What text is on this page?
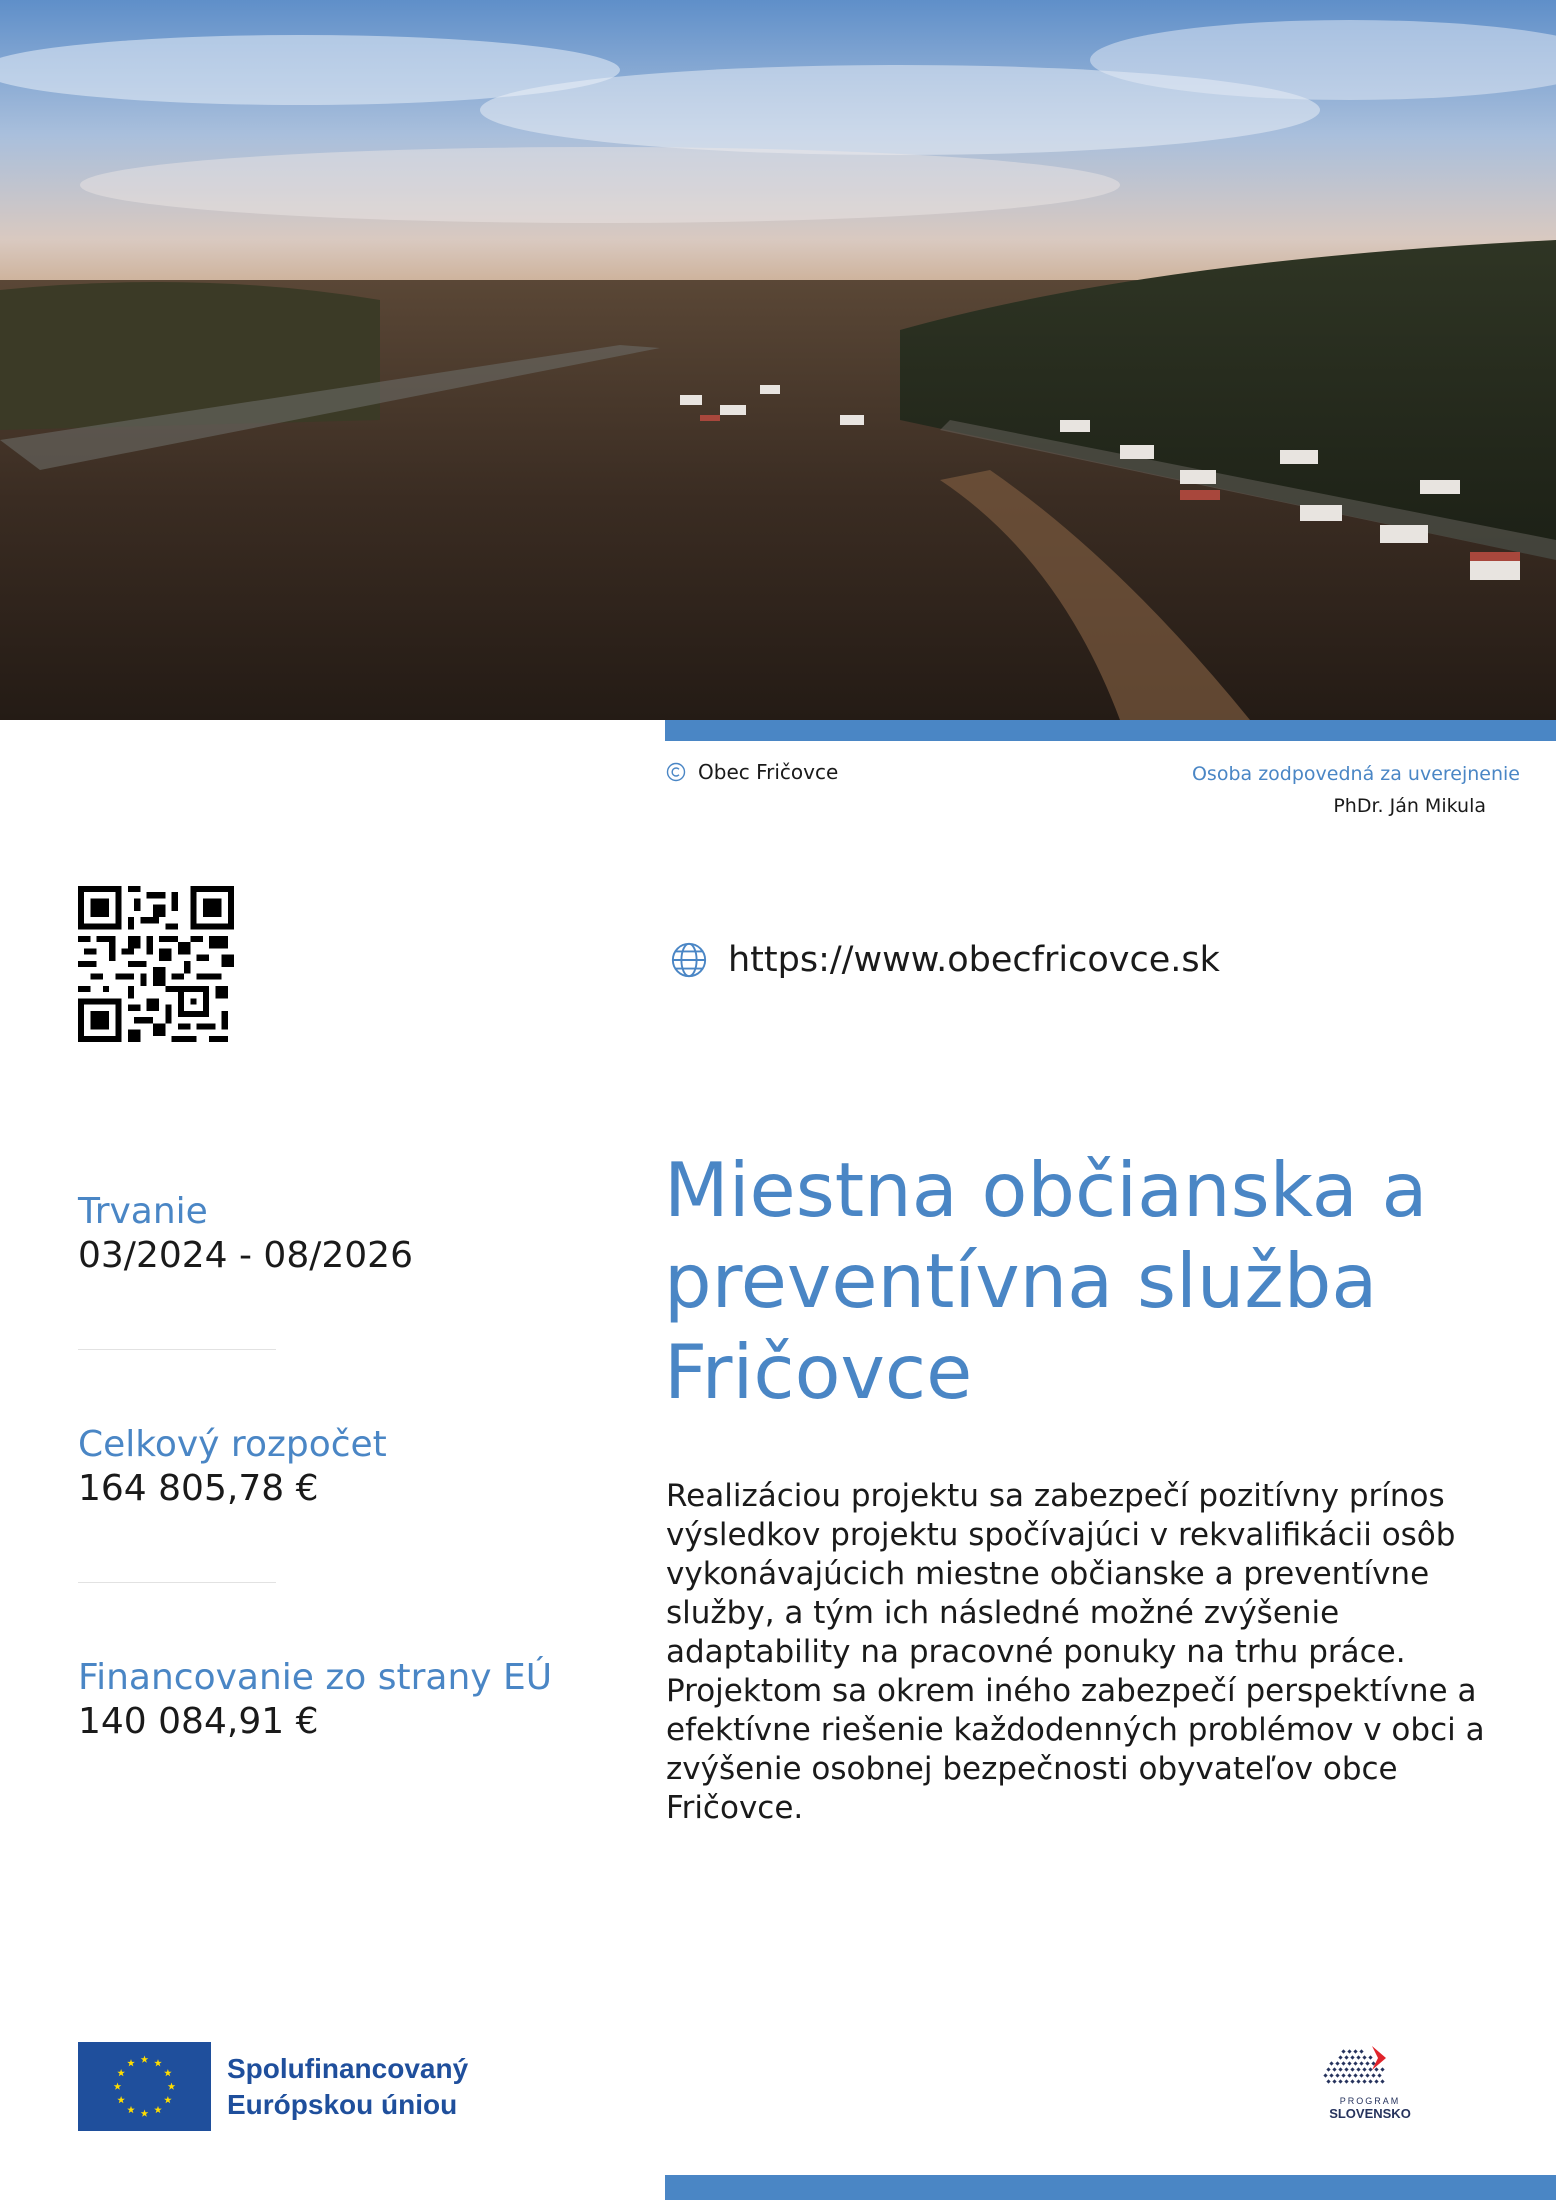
Obec Fričovce	Osoba zodpovedná za uverejnenie
PhDr. Ján Mikula
https://www.obecfricovce.sk
Miestna občianska a preventívna služba Fričovce

Realizáciou projektu sa zabezpečí pozitívny prínos výsledkov projektu spočívajúci v rekvalifikácii osôb vykonávajúcich miestne občianske a preventívne služby, a tým ich následné možné zvýšenie adaptability na pracovné ponuky na trhu práce. Projektom sa okrem iného zabezpečí perspektívne a efektívne riešenie každodenných problémov v obci a zvýšenie osobnej bezpečnosti obyvateľov obce Fričovce.

Trvanie
03/2024 - 08/2026
Celkový rozpočet
164 805,78 €
Financovanie zo strany EÚ
140 084,91 €
Spolufinancovaný
Európskou úniou	PROGRAM
SLOVENSKO
